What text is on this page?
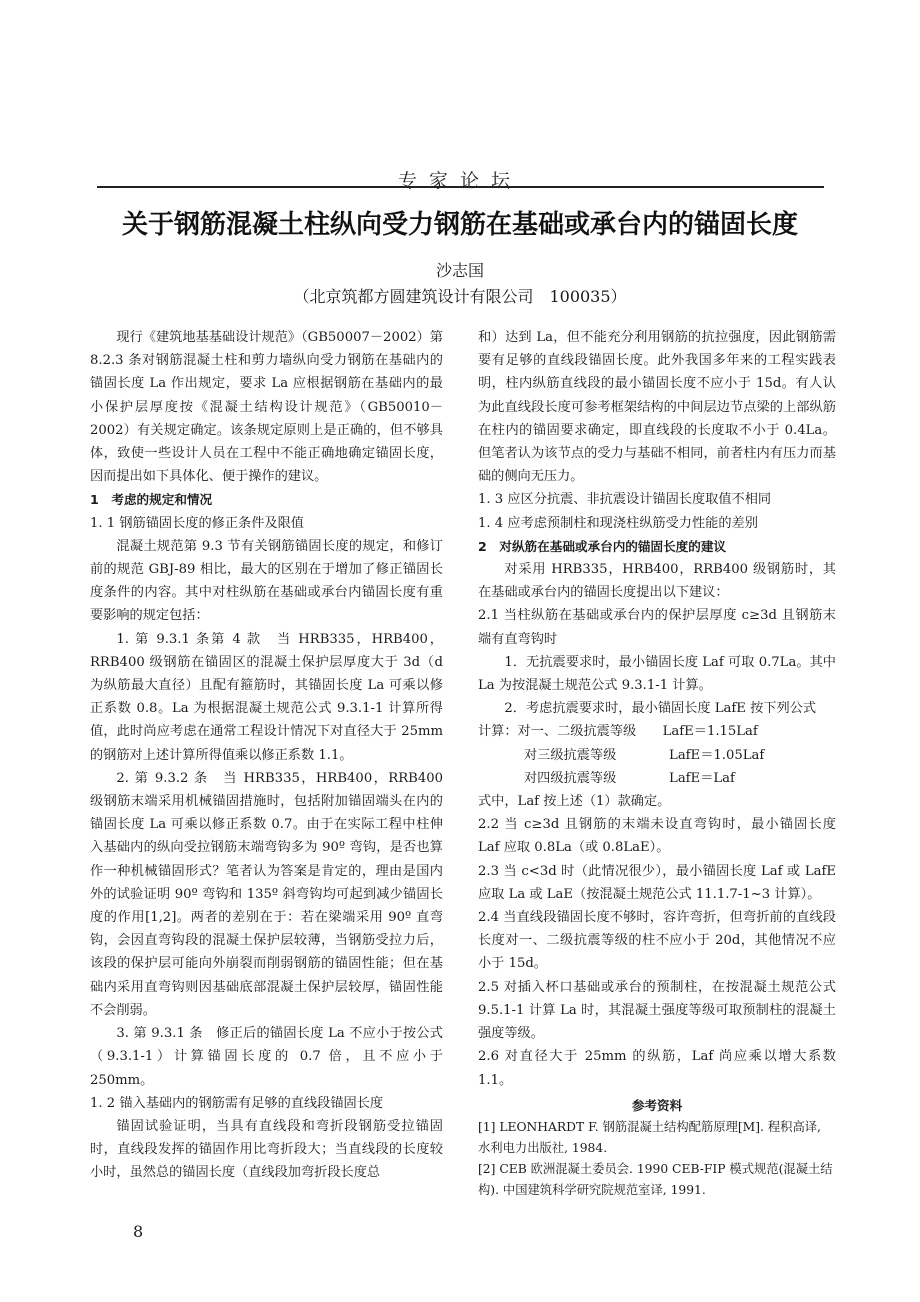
专家论坛
关于钢筋混凝土柱纵向受力钢筋在基础或承台内的锚固长度
沙志国
（北京筑都方圆建筑设计有限公司　100035）

现行《建筑地基基础设计规范》（GB50007－2002）第 8.2.3 条对钢筋混凝土柱和剪力墙纵向受力钢筋在基础内的锚固长度 La 作出规定，要求 La 应根据钢筋在基础内的最小保护层厚度按《混凝土结构设计规范》（GB50010－2002）有关规定确定。该条规定原则上是正确的，但不够具体，致使一些设计人员在工程中不能正确地确定锚固长度，因而提出如下具体化、便于操作的建议。

1　考虑的规定和情况

1. 1 钢筋锚固长度的修正条件及限值

混凝土规范第 9.3 节有关钢筋锚固长度的规定，和修订前的规范 GBJ-89 相比，最大的区别在于增加了修正锚固长度条件的内容。其中对柱纵筋在基础或承台内锚固长度有重要影响的规定包括：

1. 第 9.3.1 条第 4 款　当 HRB335，HRB400，RRB400 级钢筋在锚固区的混凝土保护层厚度大于 3d（d 为纵筋最大直径）且配有箍筋时，其锚固长度 La 可乘以修正系数 0.8。La 为根据混凝土规范公式 9.3.1-1 计算所得值，此时尚应考虑在通常工程设计情况下对直径大于 25mm 的钢筋对上述计算所得值乘以修正系数 1.1。

2. 第 9.3.2 条　当 HRB335，HRB400，RRB400 级钢筋末端采用机械锚固措施时，包括附加锚固端头在内的锚固长度 La 可乘以修正系数 0.7。由于在实际工程中柱伸入基础内的纵向受拉钢筋末端弯钩多为 90º 弯钩，是否也算作一种机械锚固形式？笔者认为答案是肯定的，理由是国内外的试验证明 90º 弯钩和 135º 斜弯钩均可起到减少锚固长度的作用[1,2]。两者的差别在于：若在梁端采用 90º 直弯钩，会因直弯钩段的混凝土保护层较薄，当钢筋受拉力后，该段的保护层可能向外崩裂而削弱钢筋的锚固性能；但在基础内采用直弯钩则因基础底部混凝土保护层较厚，锚固性能不会削弱。

3. 第 9.3.1 条　修正后的锚固长度 La 不应小于按公式（9.3.1-1）计算锚固长度的 0.7 倍，且不应小于 250mm。

1. 2 锚入基础内的钢筋需有足够的直线段锚固长度

锚固试验证明，当具有直线段和弯折段钢筋受拉锚固时，直线段发挥的锚固作用比弯折段大；当直线段的长度较小时，虽然总的锚固长度（直线段加弯折段长度总

和）达到 La，但不能充分利用钢筋的抗拉强度，因此钢筋需要有足够的直线段锚固长度。此外我国多年来的工程实践表明，柱内纵筋直线段的最小锚固长度不应小于 15d。有人认为此直线段长度可参考框架结构的中间层边节点梁的上部纵筋在柱内的锚固要求确定，即直线段的长度取不小于 0.4La。但笔者认为该节点的受力与基础不相同，前者柱内有压力而基础的侧向无压力。

1. 3 应区分抗震、非抗震设计锚固长度取值不相同

1. 4 应考虑预制柱和现浇柱纵筋受力性能的差别

2　对纵筋在基础或承台内的锚固长度的建议

对采用 HRB335，HRB400，RRB400 级钢筋时，其在基础或承台内的锚固长度提出以下建议：

2.1 当柱纵筋在基础或承台内的保护层厚度 c≥3d 且钢筋末端有直弯钩时

1．无抗震要求时，最小锚固长度 Laf 可取 0.7La。其中 La 为按混凝土规范公式 9.3.1-1 计算。

2．考虑抗震要求时，最小锚固长度 LafE 按下列公式

计算：对一、二级抗震等级　　LafE＝1.15Laf

对三级抗震等级　　　　LafE＝1.05Laf

对四级抗震等级　　　　LafE＝Laf

式中，Laf 按上述（1）款确定。

2.2 当 c≥3d 且钢筋的末端未设直弯钩时，最小锚固长度 Laf 应取 0.8La（或 0.8LaE）。

2.3 当 c<3d 时（此情况很少），最小锚固长度 Laf 或 LafE 应取 La 或 LaE（按混凝土规范公式 11.1.7-1~3 计算）。

2.4 当直线段锚固长度不够时，容许弯折，但弯折前的直线段长度对一、二级抗震等级的柱不应小于 20d，其他情况不应小于 15d。

2.5 对插入杯口基础或承台的预制柱，在按混凝土规范公式 9.5.1-1 计算 La 时，其混凝土强度等级可取预制柱的混凝土强度等级。

2.6 对直径大于 25mm 的纵筋，Laf 尚应乘以增大系数 1.1。

参考资料

[1] LEONHARDT F. 钢筋混凝土结构配筋原理[M]. 程积高译, 水利电力出版社, 1984.

[2] CEB 欧洲混凝土委员会. 1990 CEB-FIP 模式规范(混凝土结构). 中国建筑科学研究院规范室译, 1991.

8
